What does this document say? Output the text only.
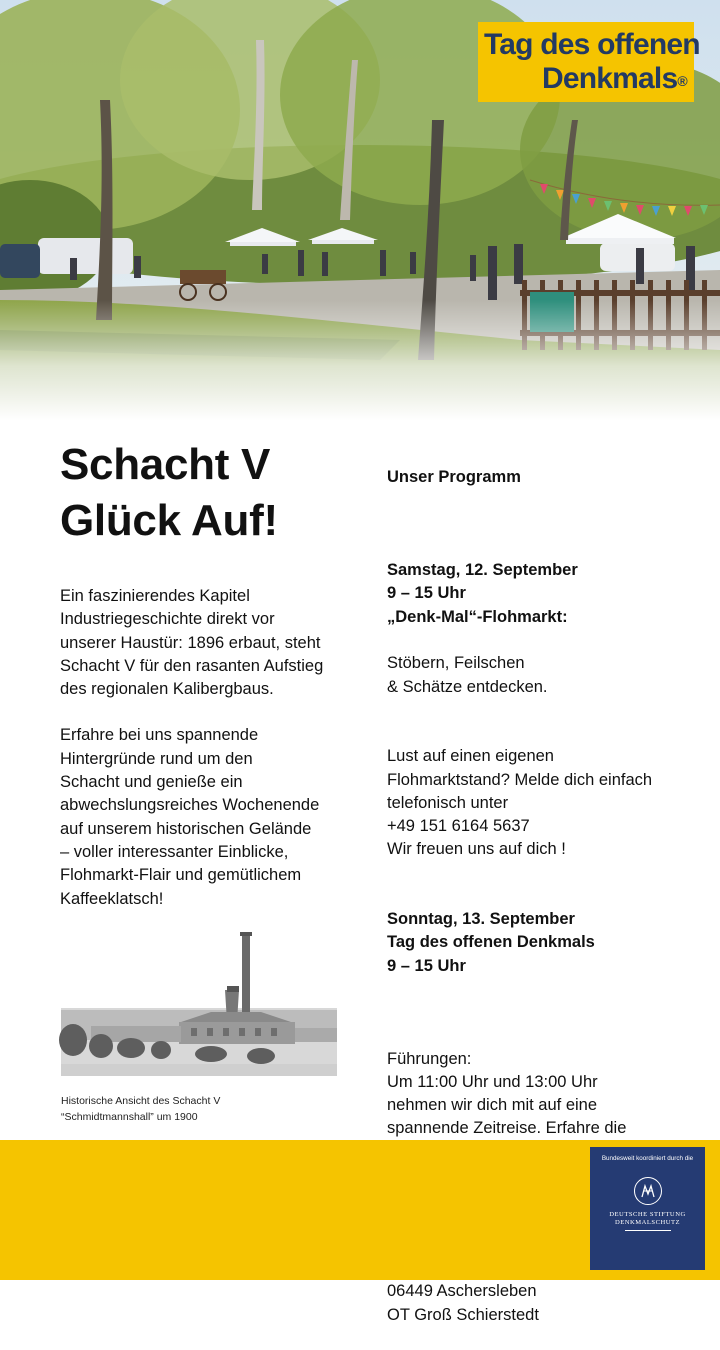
Tag des offenen
Denkmals®
Schacht V
Glück Auf!

Ein faszinierendes Kapitel
Industriegeschichte direkt vor
unserer Haustür: 1896 erbaut, steht
Schacht V für den rasanten Aufstieg
des regionalen Kalibergbaus.

Erfahre bei uns spannende
Hintergründe rund um den
Schacht und genieße ein
abwechslungsreiches Wochenende
auf unserem historischen Gelände
– voller interessanter Einblicke,
Flohmarkt-Flair und gemütlichem
Kaffeeklatsch!

Historische Ansicht des Schacht V
“Schmidtmannshall” um 1900

Unser Programm

Samstag, 12. September
9 – 15 Uhr
„Denk-Mal“-Flohmarkt:

Stöbern, Feilschen
& Schätze entdecken.

Lust auf einen eigenen
Flohmarktstand? Melde dich einfach
telefonisch unter
+49 151 6164 5637
Wir freuen uns auf dich !

Sonntag, 13. September
Tag des offenen Denkmals
9 – 15 Uhr

Führungen:
Um 11:00 Uhr und 13:00 Uhr
nehmen wir dich mit auf eine
spannende Zeitreise. Erfahre die

06449 Aschersleben
OT Groß Schierstedt

Bundesweit koordiniert durch die
DEUTSCHE STIFTUNG
DENKMALSCHUTZ
